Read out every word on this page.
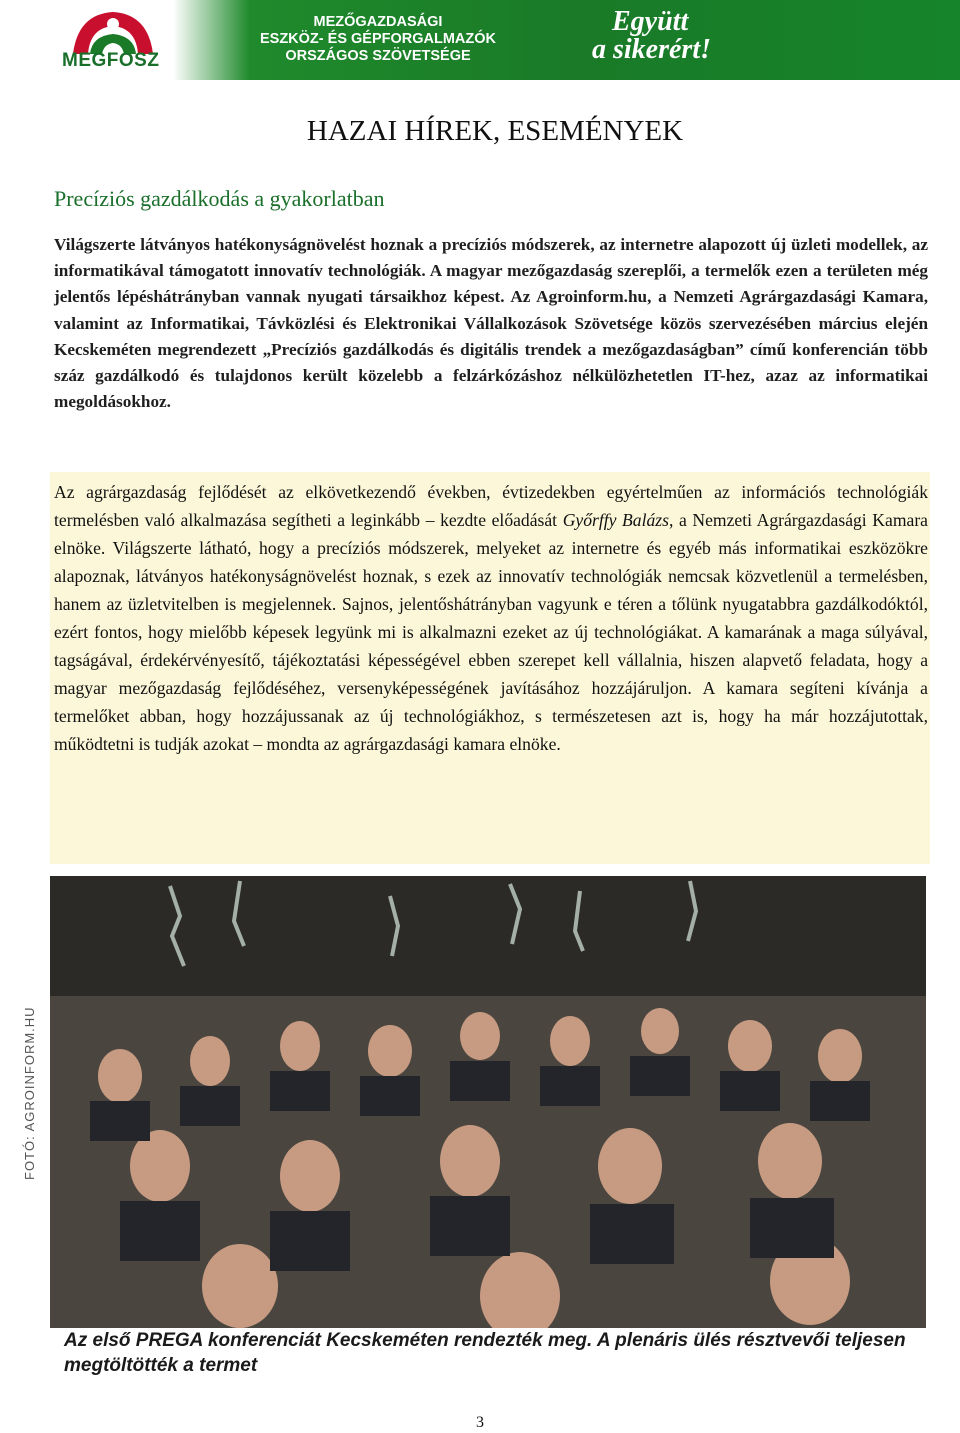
MEGFOSZ
MEZŐGAZDASÁGI
ESZKÖZ- ÉS GÉPFORGALMAZÓK
ORSZÁGOS SZÖVETSÉGE
Együtt
a sikerért!
HAZAI HÍREK, ESEMÉNYEK
Precíziós gazdálkodás a gyakorlatban
Világszerte látványos hatékonyságnövelést hoznak a precíziós módszerek, az internetre alapozott új üzleti modellek, az informatikával támogatott innovatív technológiák. A magyar mezőgazdaság szereplői, a termelők ezen a területen még jelentős lépéshátrányban vannak nyugati társaikhoz képest. Az Agroinform.hu, a Nemzeti Agrárgazdasági Kamara, valamint az Informatikai, Távközlési és Elektronikai Vállalkozások Szövetsége közös szervezésében március elején Kecskeméten megrendezett „Precíziós gazdálkodás és digitális trendek a mezőgazdaságban” című konferencián több száz gazdálkodó és tulajdonos került közelebb a felzárkózáshoz nélkülözhetetlen IT-hez, azaz az informatikai megoldásokhoz.
Az agrárgazdaság fejlődését az elkövetkezendő években, évtizedekben egyértelműen az információs technológiák termelésben való alkalmazása segítheti a leginkább – kezdte előadását Győrffy Balázs, a Nemzeti Agrárgazdasági Kamara elnöke. Világszerte látható, hogy a precíziós módszerek, melyeket az internetre és egyéb más informatikai eszközökre alapoznak, látványos hatékonyságnövelést hoznak, s ezek az innovatív technológiák nemcsak közvetlenül a termelésben, hanem az üzletvitelben is megjelennek. Sajnos, jelentőshátrányban vagyunk e téren a tőlünk nyugatabbra gazdálkodóktól, ezért fontos, hogy mielőbb képesek legyünk mi is alkalmazni ezeket az új technológiákat. A kamarának a maga súlyával, tagságával, érdekérvényesítő, tájékoztatási képességével ebben szerepet kell vállalnia, hiszen alapvető feladata, hogy a magyar mezőgazdaság fejlődéséhez, versenyképességének javításához hozzájáruljon. A kamara segíteni kívánja a termelőket abban, hogy hozzájussanak az új technológiákhoz, s természetesen azt is, hogy ha már hozzájutottak, működtetni is tudják azokat – mondta az agrárgazdasági kamara elnöke.
FOTÓ: AGROINFORM.HU
Az első PREGA konferenciát Kecskeméten rendezték meg. A plenáris ülés résztvevői teljesen megtöltötték a termet
3
